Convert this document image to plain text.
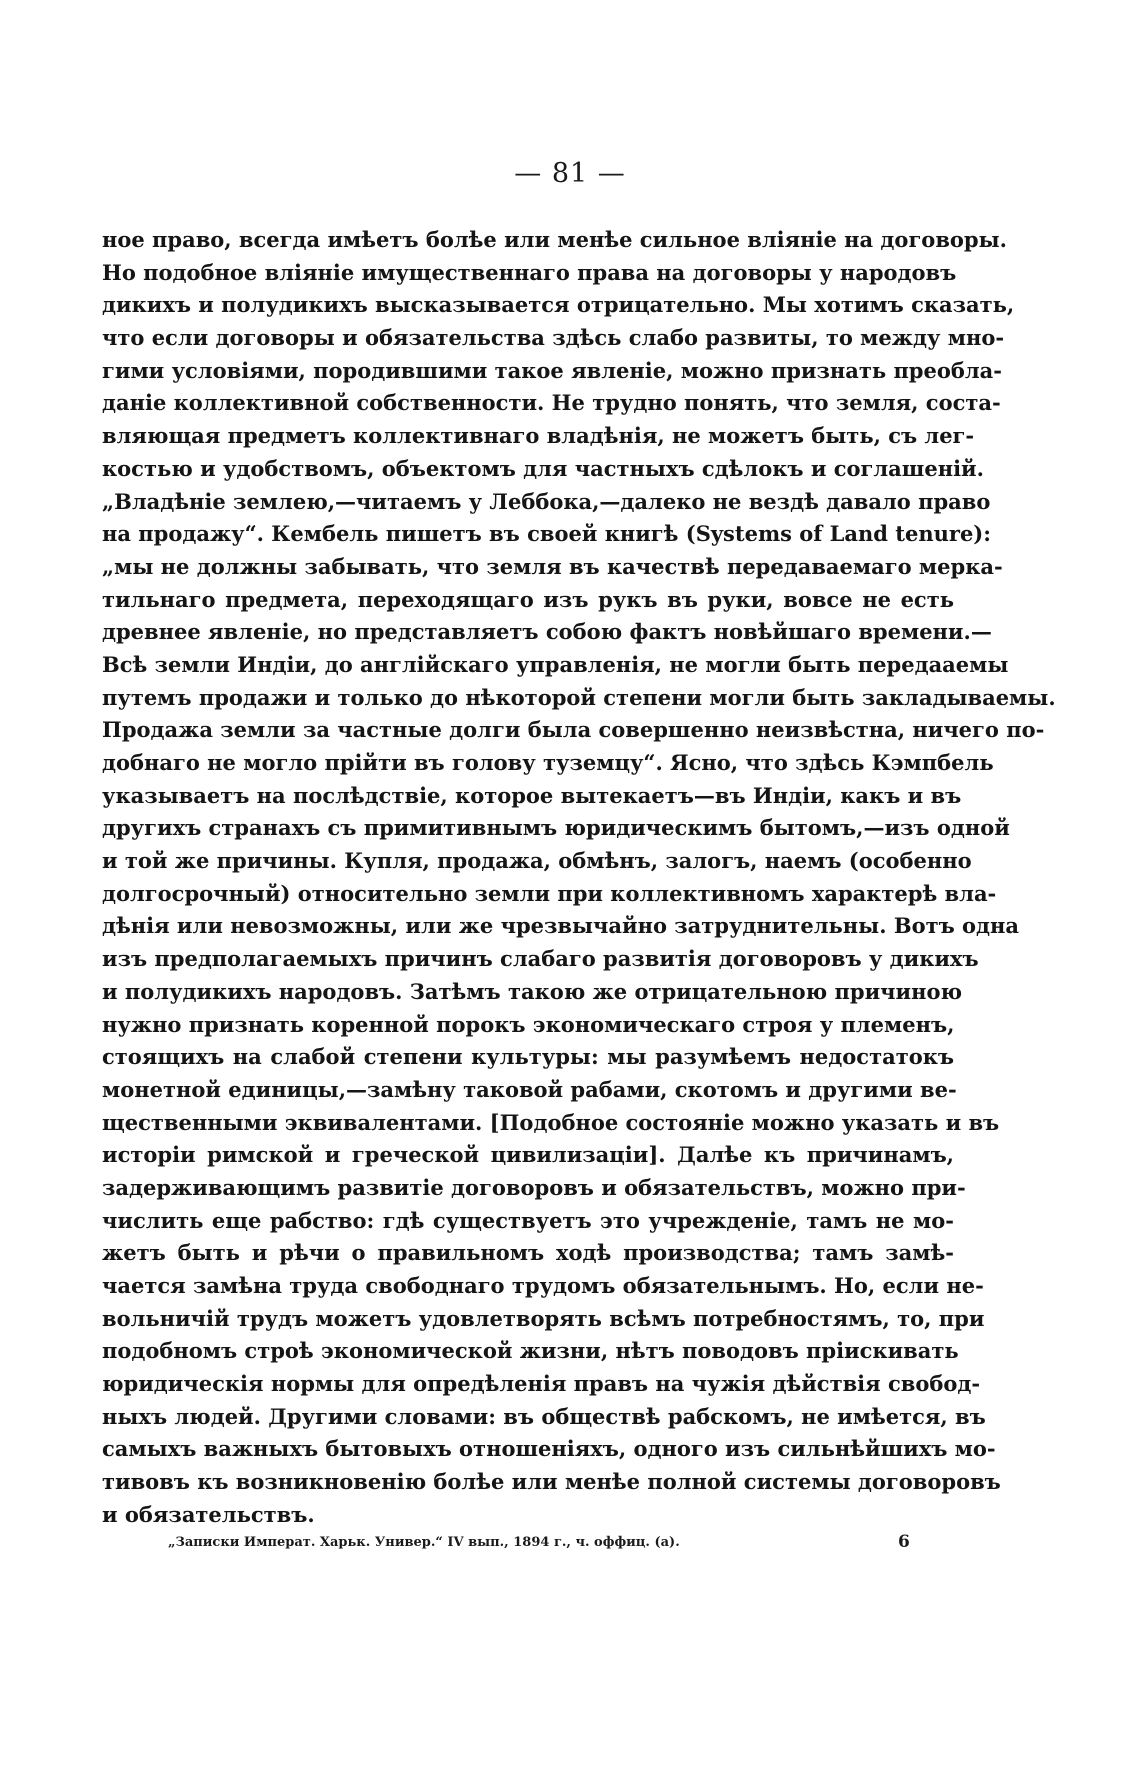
— 81 —
ное право, всегда имѣетъ болѣе или менѣе сильное вліяніе на договоры.
Но подобное вліяніе имущественнаго права на договоры у народовъ
дикихъ и полудикихъ высказывается отрицательно. Мы хотимъ сказать,
что если договоры и обязательства здѣсь слабо развиты, то между мно-
гими условіями, породившими такое явленіе, можно признать преобла-
даніе коллективной собственности. Не трудно понять, что земля, соста-
вляющая предметъ коллективнаго владѣнія, не можетъ быть, съ лег-
костью и удобствомъ, объектомъ для частныхъ сдѣлокъ и соглашеній.
„Владѣніе землею,—читаемъ у Леббока,—далеко не вездѣ давало право
на продажу“. Кембель пишетъ въ своей книгѣ (Systems of Land tenure):
„мы не должны забывать, что земля въ качествѣ передаваемаго мерка-
тильнаго предмета, переходящаго изъ рукъ въ руки, вовсе не есть
древнее явленіе, но представляетъ собою фактъ новѣйшаго времени.—
Всѣ земли Индіи, до англійскаго управленія, не могли быть передааемы
путемъ продажи и только до нѣкоторой степени могли быть закладываемы.
Продажа земли за частные долги была совершенно неизвѣстна, ничего по-
добнаго не могло прійти въ голову туземцу“. Ясно, что здѣсь Кэмпбель
указываетъ на послѣдствіе, которое вытекаетъ—въ Индіи, какъ и въ
другихъ странахъ съ примитивнымъ юридическимъ бытомъ,—изъ одной
и той же причины. Купля, продажа, обмѣнъ, залогъ, наемъ (особенно
долгосрочный) относительно земли при коллективномъ характерѣ вла-
дѣнія или невозможны, или же чрезвычайно затруднительны. Вотъ одна
изъ предполагаемыхъ причинъ слабаго развитія договоровъ у дикихъ
и полудикихъ народовъ. Затѣмъ такою же отрицательною причиною
нужно признать коренной порокъ экономическаго строя у племенъ,
стоящихъ на слабой степени культуры: мы разумѣемъ недостатокъ
монетной единицы,—замѣну таковой рабами, скотомъ и другими ве-
щественными эквивалентами. [Подобное состояніе можно указать и въ
исторіи римской и греческой цивилизаціи]. Далѣе къ причинамъ,
задерживающимъ развитіе договоровъ и обязательствъ, можно при-
числить еще рабство: гдѣ существуетъ это учрежденіе, тамъ не мо-
жетъ быть и рѣчи о правильномъ ходѣ производства; тамъ замѣ-
чается замѣна труда свободнаго трудомъ обязательнымъ. Но, если не-
вольничій трудъ можетъ удовлетворять всѣмъ потребностямъ, то, при
подобномъ строѣ экономической жизни, нѣтъ поводовъ пріискивать
юридическія нормы для опредѣленія правъ на чужія дѣйствія свобод-
ныхъ людей. Другими словами: въ обществѣ рабскомъ, не имѣется, въ
самыхъ важныхъ бытовыхъ отношеніяхъ, одного изъ сильнѣйшихъ мо-
тивовъ къ возникновенію болѣе или менѣе полной системы договоровъ
и обязательствъ.
„Записки Императ. Харьк. Универ.“ IV вып., 1894 г., ч. оффиц. (а).	6
